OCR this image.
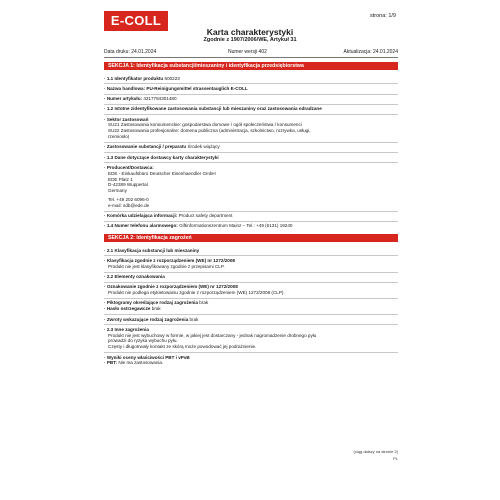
E-COLL	strona: 1/9
Karta charakterystyki
Zgodnie z 1907/2006/WE, Artykuł 31
Data druku: 24.01.2024	Numer wersji 402	Aktualizacja: 24.01.2024
SEKCJA 1: Identyfikacja substancji/mieszaniny i identyfikacja przedsiębiorstwa
· 1.1 Identyfikator produktu 600223
· Nazwa handlowa: PU-Reinigungsmittel strassentauglich E-COLL
· Numer artykułu: 4317784301480
· 1.2 Istotne zidentyfikowane zastosowania substancji lub mieszaniny oraz zastosowania odradzane
· Sektor zastosowań
SU21 Zastosowania konsumenckie: gospodarstwa domowe / ogół społeczeństwa / konsumenci
SU22 Zastosowania profesjonalne: domena publiczna (administracja, szkolnictwo, rozrywka, usługi,
rzemiosło)
· Zastosowanie substancji / preparatu Środek wiążący
· 1.3 Dane dotyczące dostawcy karty charakterystyki
· Producent/Dostawca:
EDE - Einkaufsbüro Deutscher Eisenhaendler GmbH
EDE Platz 1
D-42389 Wuppertal
Germany
Tel. +49 202 6096-0
e-mail: sdb@ede.de
· Komórka udzielająca informacji: Product safety department
· 1.4 Numer telefonu alarmowego: Giftinformationszentrum Mainz – Tel.: +49 (6131) 19240
SEKCJA 2: Identyfikacja zagrożeń
· 2.1 Klasyfikacja substancji lub mieszaniny
· Klasyfikacja zgodnie z rozporządzeniem (WE) nr 1272/2008
Produkt nie jest klasyfikowany zgodnie z przepisami CLP.
· 2.2 Elementy oznakowania
· Oznakowanie zgodnie z rozporządzeniem (WE) nr 1272/2008
Produkt nie podlega etykietowaniu zgodnie z rozporządzeniem (WE) 1272/2008 (CLP).
· Piktogramy określające rodzaj zagrożenia brak
· Hasło ostrzegawcze brak
· Zwroty wskazujące rodzaj zagrożenia brak
· 2.3 Inne zagrożenia
Produkt nie jest wybuchowy w formie, w jakiej jest dostarczany - jednak nagromadzenie drobnego pyłu
prowadzi do ryzyka wybuchu pyłu.
Częsty i długotrwały kontakt ze skórą może powodować jej podrażnienie.
· Wyniki oceny właściwości PBT i vPvB
· PBT: Nie ma zastosowania.
(ciąg dalszy na stronie 2)
PL
